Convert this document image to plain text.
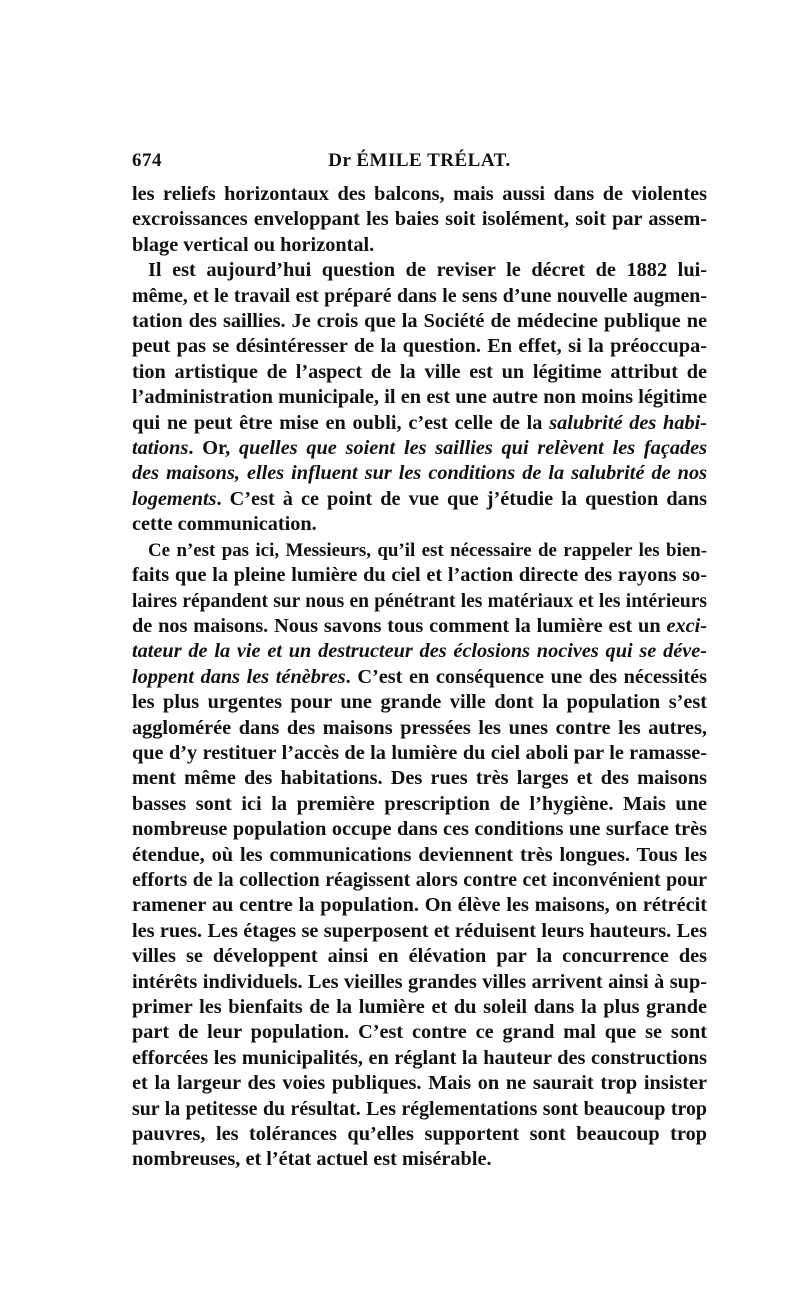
674	Dr ÉMILE TRÉLAT.
les reliefs horizontaux des balcons, mais aussi dans de violentes
excroissances enveloppant les baies soit isolément, soit par assem-
blage vertical ou horizontal.
Il est aujourd’hui question de reviser le décret de 1882 lui-
même, et le travail est préparé dans le sens d’une nouvelle augmen-
tation des saillies. Je crois que la Société de médecine publique ne
peut pas se désintéresser de la question. En effet, si la préoccupa-
tion artistique de l’aspect de la ville est un légitime attribut de
l’administration municipale, il en est une autre non moins légitime
qui ne peut être mise en oubli, c’est celle de la salubrité des habi-
tations. Or, quelles que soient les saillies qui relèvent les façades
des maisons, elles influent sur les conditions de la salubrité de nos
logements. C’est à ce point de vue que j’étudie la question dans
cette communication.
Ce n’est pas ici, Messieurs, qu’il est nécessaire de rappeler les bien-
faits que la pleine lumière du ciel et l’action directe des rayons so-
laires répandent sur nous en pénétrant les matériaux et les intérieurs
de nos maisons. Nous savons tous comment la lumière est un exci-
tateur de la vie et un destructeur des éclosions nocives qui se déve-
loppent dans les ténèbres. C’est en conséquence une des nécessités
les plus urgentes pour une grande ville dont la population s’est
agglomérée dans des maisons pressées les unes contre les autres,
que d’y restituer l’accès de la lumière du ciel aboli par le ramasse-
ment même des habitations. Des rues très larges et des maisons
basses sont ici la première prescription de l’hygiène. Mais une
nombreuse population occupe dans ces conditions une surface très
étendue, où les communications deviennent très longues. Tous les
efforts de la collection réagissent alors contre cet inconvénient pour
ramener au centre la population. On élève les maisons, on rétrécit
les rues. Les étages se superposent et réduisent leurs hauteurs. Les
villes se développent ainsi en élévation par la concurrence des
intérêts individuels. Les vieilles grandes villes arrivent ainsi à sup-
primer les bienfaits de la lumière et du soleil dans la plus grande
part de leur population. C’est contre ce grand mal que se sont
efforcées les municipalités, en réglant la hauteur des constructions
et la largeur des voies publiques. Mais on ne saurait trop insister
sur la petitesse du résultat. Les réglementations sont beaucoup trop
pauvres, les tolérances qu’elles supportent sont beaucoup trop
nombreuses, et l’état actuel est misérable.
